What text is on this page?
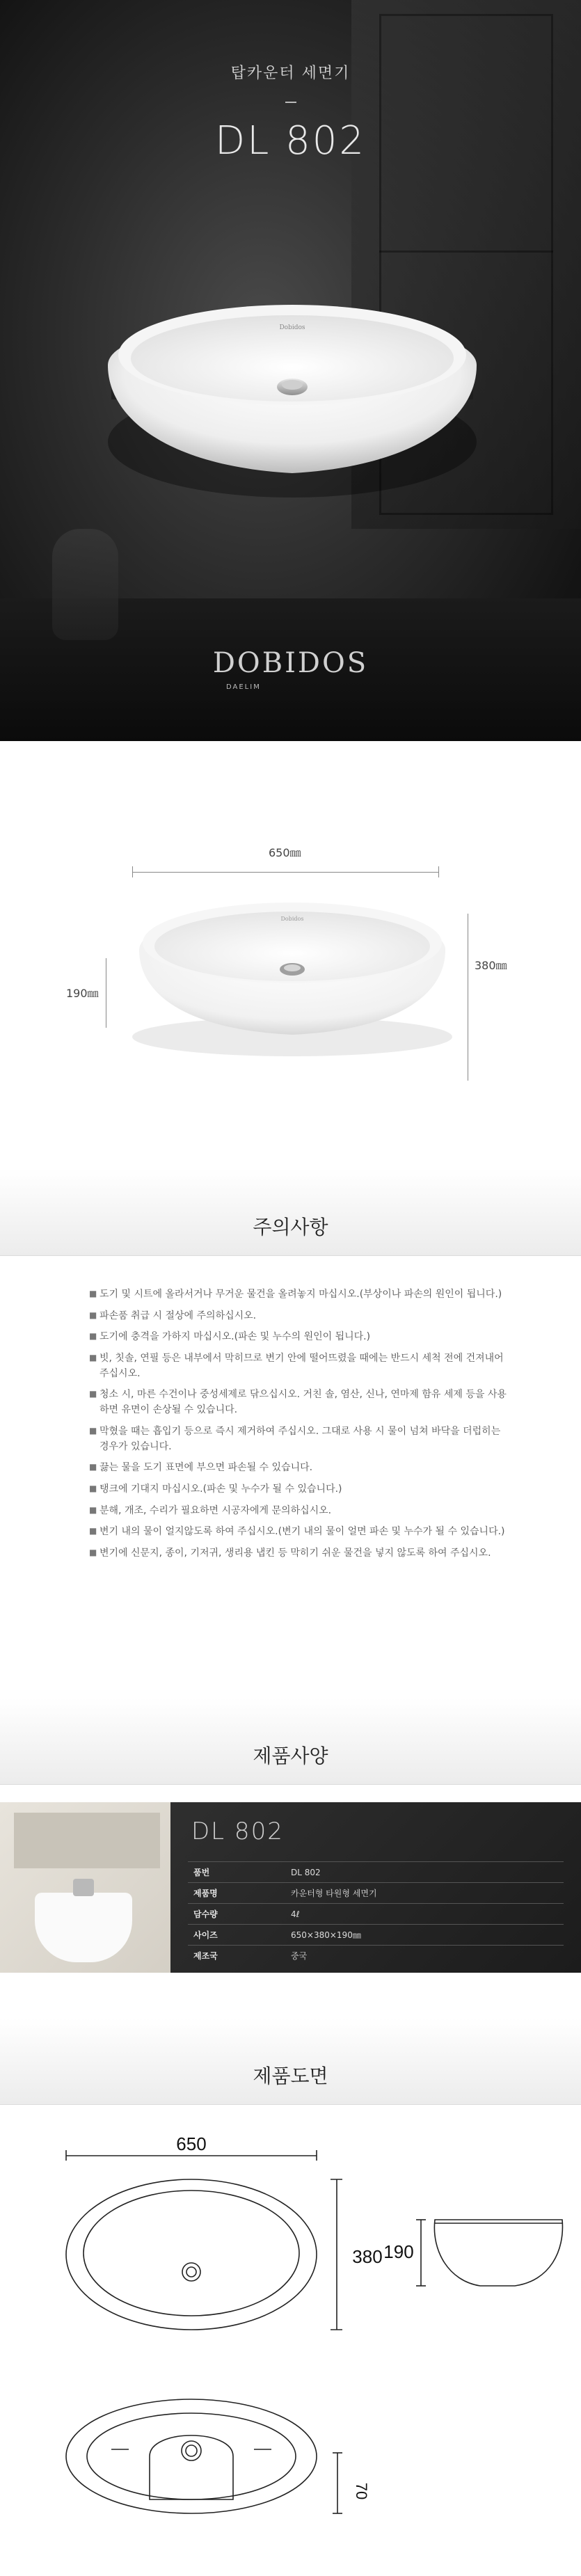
탑카운터 세면기
DL 802
Dobidos
DOBIDOS
DAELIM
650㎜
380㎜
190㎜
Dobidos
주의사항
■ 도기 및 시트에 올라서거나 무거운 물건을 올려놓지 마십시오.(부상이나 파손의 원인이 됩니다.)
■ 파손품 취급 시 절상에 주의하십시오.
■ 도기에 충격을 가하지 마십시오.(파손 및 누수의 원인이 됩니다.)
■ 빗, 칫솔, 연필 등은 내부에서 막히므로 변기 안에 떨어뜨렸을 때에는 반드시 세척 전에 건져내어 주십시오.
■ 청소 시, 마른 수건이나 중성세제로 닦으십시오. 거친 솔, 염산, 신나, 연마제 함유 세제 등을 사용하면 유면이 손상될 수 있습니다.
■ 막혔을 때는 흡입기 등으로 즉시 제거하여 주십시오. 그대로 사용 시 물이 넘쳐 바닥을 더럽히는 경우가 있습니다.
■ 끓는 물을 도기 표면에 부으면 파손될 수 있습니다.
■ 탱크에 기대지 마십시오.(파손 및 누수가 될 수 있습니다.)
■ 분해, 개조, 수리가 필요하면 시공자에게 문의하십시오.
■ 변기 내의 물이 얼지않도록 하여 주십시오.(변기 내의 물이 얼면 파손 및 누수가 될 수 있습니다.)
■ 변기에 신문지, 종이, 기저귀, 생리용 냅킨 등 막히기 쉬운 물건을 넣지 않도록 하여 주십시오.
제품사양
DL 802
품번	DL 802
제품명	카운터형 타원형 세면기
담수량	4ℓ
사이즈	650×380×190㎜
제조국	중국
제품도면
650
380 190
70
